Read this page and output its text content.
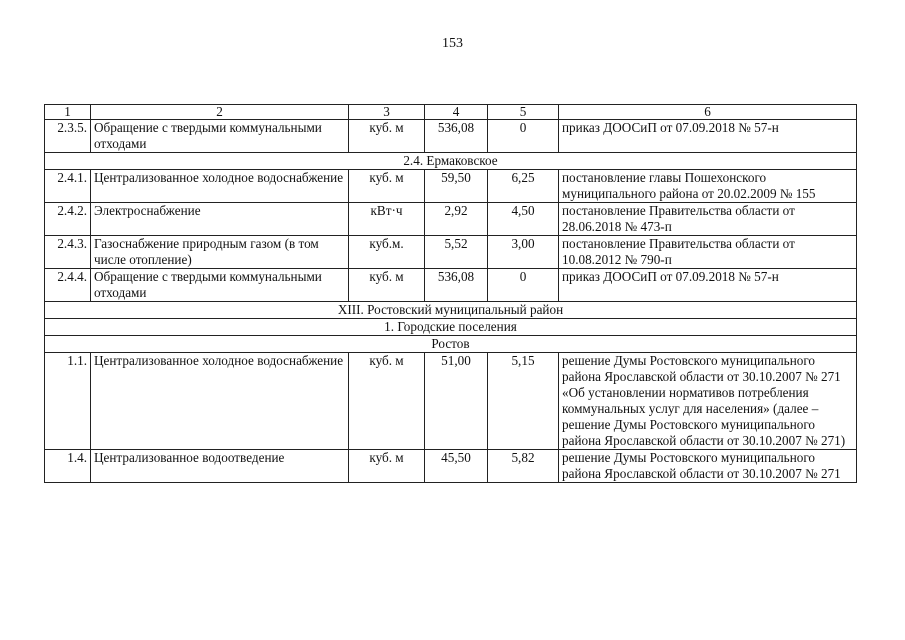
153
1	2	3	4	5	6
2.3.5.	Обращение с твердыми коммунальными отходами	куб. м	536,08	0	приказ ДООСиП от 07.09.2018 № 57-н
2.4. Ермаковское					
2.4.1.	Централизованное холодное водоснабжение	куб. м	59,50	6,25	постановление главы Пошехонского муниципального района от 20.02.2009 № 155
2.4.2.	Электроснабжение	кВт·ч	2,92	4,50	постановление Правительства области от 28.06.2018 № 473-п
2.4.3.	Газоснабжение природным газом (в том числе отопление)	куб.м.	5,52	3,00	постановление Правительства области от 10.08.2012 № 790-п
2.4.4.	Обращение с твердыми коммунальными отходами	куб. м	536,08	0	приказ ДООСиП от 07.09.2018 № 57-н
XIII. Ростовский муниципальный район					
1. Городские поселения					
Ростов					
1.1.	Централизованное холодное водоснабжение	куб. м	51,00	5,15	решение Думы Ростовского муниципального района Ярославской области от 30.10.2007 № 271 «Об установлении нормативов потребления коммунальных услуг для населения» (далее – решение Думы Ростовского муниципального района Ярославской области от 30.10.2007 № 271)
1.4.	Централизованное водоотведение	куб. м	45,50	5,82	решение Думы Ростовского муниципального района Ярославской области от 30.10.2007 № 271
